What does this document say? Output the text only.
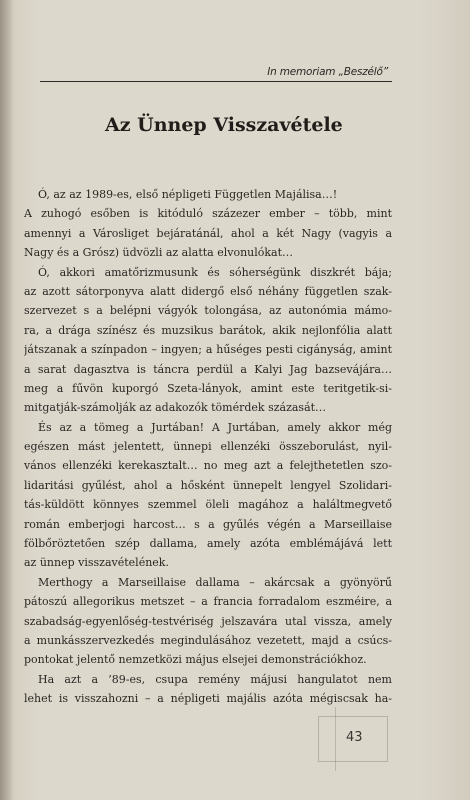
In memoriam „Beszélő”
Az Ünnep Visszavétele
Ó, az az 1989-es, első népligeti Független Majálisa…!
A zuhogó esőben is kitóduló százezer ember – több, mint
amennyi a Városliget bejáratánál, ahol a két Nagy (vagyis a
Nagy és a Grósz) üdvözli az alatta elvonulókat…
Ó, akkori amatőrizmusunk és sóherségünk diszkrét bája;
az azott sátorponyva alatt didergő első néhány független szak-
szervezet s a belépni vágyók tolongása, az autonómia mámo-
ra, a drága színész és muzsikus barátok, akik nejlonfólia alatt
játszanak a színpadon – ingyen; a hűséges pesti cigányság, amint
a sarat dagasztva is táncra perdül a Kalyi Jag bazsevájára…
meg a fűvön kuporgó Szeta-lányok, amint este teritgetik-si-
mitgatják-számolják az adakozók tömérdek százasát…
És az a tömeg a Jurtában! A Jurtában, amely akkor még
egészen mást jelentett, ünnepi ellenzéki összeborulást, nyil-
vános ellenzéki kerekasztalt… no meg azt a felejthetetlen szo-
lidaritási gyűlést, ahol a hősként ünnepelt lengyel Szolidari-
tás-küldött könnyes szemmel öleli magához a haláltmegvető
román emberjogi harcost… s a gyűlés végén a Marseillaise
fölbőröztetően szép dallama, amely azóta emblémájává lett
az ünnep visszavételének.
Merthogy a Marseillaise dallama – akárcsak a gyönyörű
pátoszú allegorikus metszet – a francia forradalom eszméire, a
szabadság-egyenlőség-testvériség jelszavára utal vissza, amely
a munkásszervezkedés megindulásához vezetett, majd a csúcs-
pontokat jelentő nemzetközi május elsejei demonstrációkhoz.
Ha azt a ’89-es, csupa remény májusi hangulatot nem
lehet is visszahozni – a népligeti majális azóta mégiscsak ha-
43
